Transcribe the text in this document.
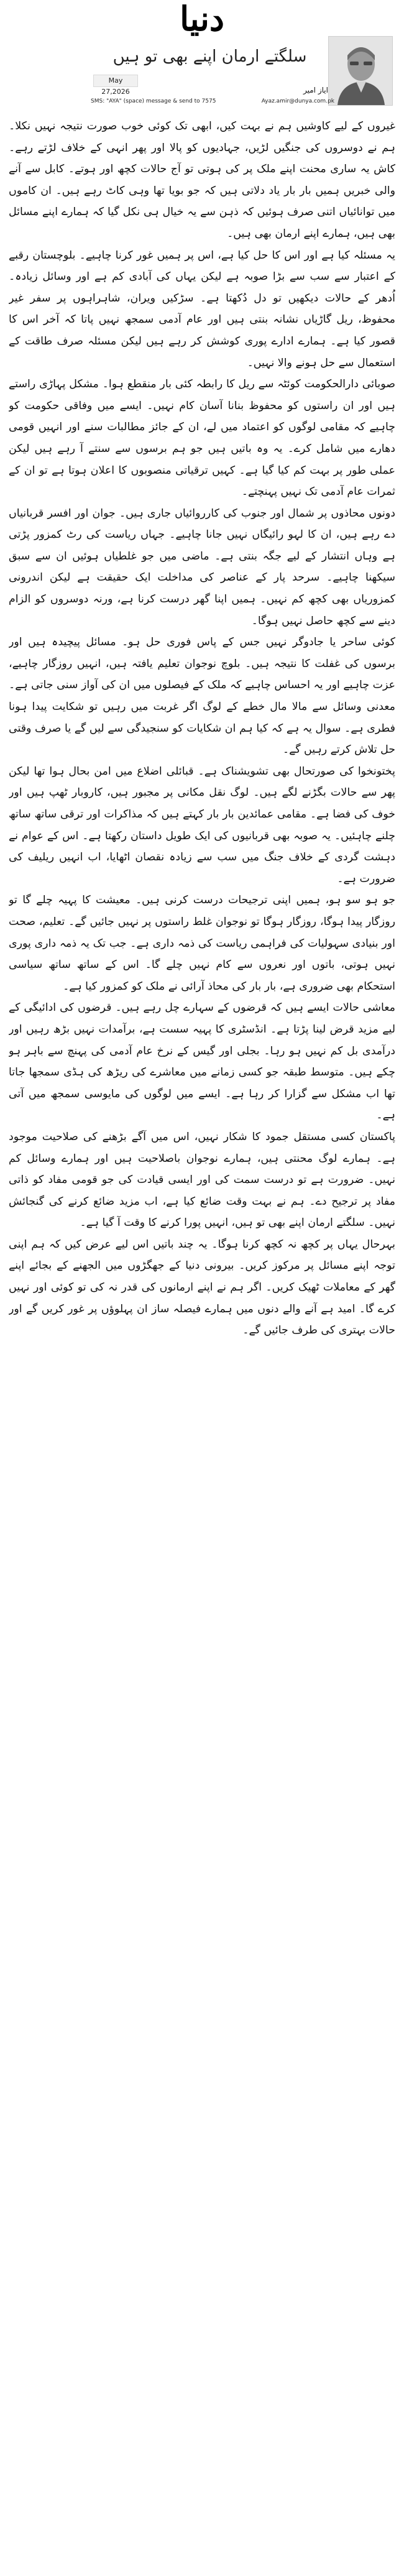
دنیا
سلگتے ارمان اپنے بھی تو ہیں
May 27,2026	ایاز امیر
SMS: "AYA" (space) message & send to 7575	Ayaz.amir@dunya.com.pk

غیروں کے لیے کاوشیں ہم نے بہت کیں، ابھی تک کوئی خوب صورت نتیجہ نہیں نکلا۔ ہم نے دوسروں کی جنگیں لڑیں، جہادیوں کو پالا اور پھر انہی کے خلاف لڑتے رہے۔ کاش یہ ساری محنت اپنے ملک پر کی ہوتی تو آج حالات کچھ اور ہوتے۔ کابل سے آنے والی خبریں ہمیں بار بار یاد دلاتی ہیں کہ جو بویا تھا وہی کاٹ رہے ہیں۔ ان کاموں میں توانائیاں اتنی صرف ہوئیں کہ ذہن سے یہ خیال ہی نکل گیا کہ ہمارے اپنے مسائل بھی ہیں، ہمارے اپنے ارمان بھی ہیں۔

یہ مسئلہ کیا ہے اور اس کا حل کیا ہے، اس پر ہمیں غور کرنا چاہیے۔ بلوچستان رقبے کے اعتبار سے سب سے بڑا صوبہ ہے لیکن یہاں کی آبادی کم ہے اور وسائل زیادہ۔ اُدھر کے حالات دیکھیں تو دل دُکھتا ہے۔ سڑکیں ویران، شاہراہوں پر سفر غیر محفوظ، ریل گاڑیاں نشانہ بنتی ہیں اور عام آدمی سمجھ نہیں پاتا کہ آخر اس کا قصور کیا ہے۔ ہمارے ادارے پوری کوشش کر رہے ہیں لیکن مسئلہ صرف طاقت کے استعمال سے حل ہونے والا نہیں۔

صوبائی دارالحکومت کوئٹہ سے ریل کا رابطہ کئی بار منقطع ہوا۔ مشکل پہاڑی راستے ہیں اور ان راستوں کو محفوظ بنانا آسان کام نہیں۔ ایسے میں وفاقی حکومت کو چاہیے کہ مقامی لوگوں کو اعتماد میں لے، ان کے جائز مطالبات سنے اور انہیں قومی دھارے میں شامل کرے۔ یہ وہ باتیں ہیں جو ہم برسوں سے سنتے آ رہے ہیں لیکن عملی طور پر بہت کم کیا گیا ہے۔ کہیں ترقیاتی منصوبوں کا اعلان ہوتا ہے تو ان کے ثمرات عام آدمی تک نہیں پہنچتے۔

دونوں محاذوں پر شمال اور جنوب کی کارروائیاں جاری ہیں۔ جوان اور افسر قربانیاں دے رہے ہیں، ان کا لہو رائیگاں نہیں جانا چاہیے۔ جہاں ریاست کی رٹ کمزور پڑتی ہے وہاں انتشار کے لیے جگہ بنتی ہے۔ ماضی میں جو غلطیاں ہوئیں ان سے سبق سیکھنا چاہیے۔ سرحد پار کے عناصر کی مداخلت ایک حقیقت ہے لیکن اندرونی کمزوریاں بھی کچھ کم نہیں۔ ہمیں اپنا گھر درست کرنا ہے، ورنہ دوسروں کو الزام دینے سے کچھ حاصل نہیں ہوگا۔

کوئی ساحر یا جادوگر نہیں جس کے پاس فوری حل ہو۔ مسائل پیچیدہ ہیں اور برسوں کی غفلت کا نتیجہ ہیں۔ بلوچ نوجوان تعلیم یافتہ ہیں، انہیں روزگار چاہیے، عزت چاہیے اور یہ احساس چاہیے کہ ملک کے فیصلوں میں ان کی آواز سنی جاتی ہے۔ معدنی وسائل سے مالا مال خطے کے لوگ اگر غربت میں رہیں تو شکایت پیدا ہونا فطری ہے۔ سوال یہ ہے کہ کیا ہم ان شکایات کو سنجیدگی سے لیں گے یا صرف وقتی حل تلاش کرتے رہیں گے۔

پختونخوا کی صورتحال بھی تشویشناک ہے۔ قبائلی اضلاع میں امن بحال ہوا تھا لیکن پھر سے حالات بگڑنے لگے ہیں۔ لوگ نقل مکانی پر مجبور ہیں، کاروبار ٹھپ ہیں اور خوف کی فضا ہے۔ مقامی عمائدین بار بار کہتے ہیں کہ مذاکرات اور ترقی ساتھ ساتھ چلنے چاہئیں۔ یہ صوبہ بھی قربانیوں کی ایک طویل داستان رکھتا ہے۔ اس کے عوام نے دہشت گردی کے خلاف جنگ میں سب سے زیادہ نقصان اٹھایا، اب انہیں ریلیف کی ضرورت ہے۔

جو ہو سو ہو، ہمیں اپنی ترجیحات درست کرنی ہیں۔ معیشت کا پہیہ چلے گا تو روزگار پیدا ہوگا، روزگار ہوگا تو نوجوان غلط راستوں پر نہیں جائیں گے۔ تعلیم، صحت اور بنیادی سہولیات کی فراہمی ریاست کی ذمہ داری ہے۔ جب تک یہ ذمہ داری پوری نہیں ہوتی، باتوں اور نعروں سے کام نہیں چلے گا۔ اس کے ساتھ ساتھ سیاسی استحکام بھی ضروری ہے، بار بار کی محاذ آرائی نے ملک کو کمزور کیا ہے۔

معاشی حالات ایسے ہیں کہ قرضوں کے سہارے چل رہے ہیں۔ قرضوں کی ادائیگی کے لیے مزید قرض لینا پڑتا ہے۔ انڈسٹری کا پہیہ سست ہے، برآمدات نہیں بڑھ رہیں اور درآمدی بل کم نہیں ہو رہا۔ بجلی اور گیس کے نرخ عام آدمی کی پہنچ سے باہر ہو چکے ہیں۔ متوسط طبقہ جو کسی زمانے میں معاشرے کی ریڑھ کی ہڈی سمجھا جاتا تھا اب مشکل سے گزارا کر رہا ہے۔ ایسے میں لوگوں کی مایوسی سمجھ میں آتی ہے۔

پاکستان کسی مستقل جمود کا شکار نہیں، اس میں آگے بڑھنے کی صلاحیت موجود ہے۔ ہمارے لوگ محنتی ہیں، ہمارے نوجوان باصلاحیت ہیں اور ہمارے وسائل کم نہیں۔ ضرورت ہے تو درست سمت کی اور ایسی قیادت کی جو قومی مفاد کو ذاتی مفاد پر ترجیح دے۔ ہم نے بہت وقت ضائع کیا ہے، اب مزید ضائع کرنے کی گنجائش نہیں۔ سلگتے ارمان اپنے بھی تو ہیں، انہیں پورا کرنے کا وقت آ گیا ہے۔

بہرحال یہاں پر کچھ نہ کچھ کرنا ہوگا۔ یہ چند باتیں اس لیے عرض کیں کہ ہم اپنی توجہ اپنے مسائل پر مرکوز کریں۔ بیرونی دنیا کے جھگڑوں میں الجھنے کے بجائے اپنے گھر کے معاملات ٹھیک کریں۔ اگر ہم نے اپنے ارمانوں کی قدر نہ کی تو کوئی اور نہیں کرے گا۔ امید ہے آنے والے دنوں میں ہمارے فیصلہ ساز ان پہلوؤں پر غور کریں گے اور حالات بہتری کی طرف جائیں گے۔
